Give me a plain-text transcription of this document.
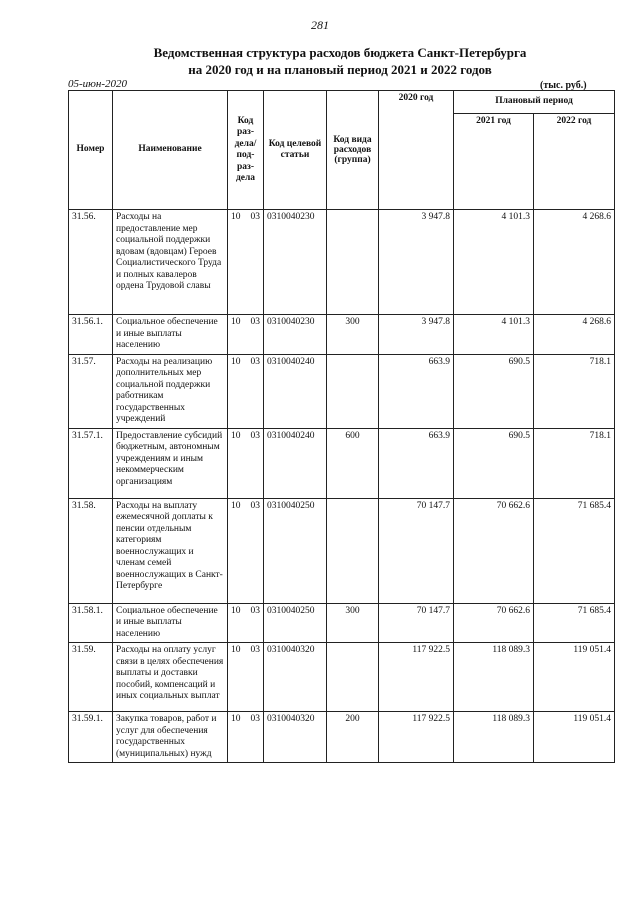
281
Ведомственная структура расходов бюджета Санкт-Петербурга
на 2020 год и на плановый период 2021 и 2022 годов
05-июн-2020	(тыс. руб.)
Номер	Наименование	Код раз-дела/ под-раз-дела	Код целевой статьи	Код вида расходов (группа)	2020 год	Плановый период	
						2021 год	2022 год
31.56.	Расходы на предоставление мер социальной поддержки вдовам (вдовцам) Героев Социалистического Труда и полных кавалеров ордена Трудовой славы	10 03	0310040230		3 947.8	4 101.3	4 268.6
31.56.1.	Социальное обеспечение и иные выплаты населению	10 03	0310040230	300	3 947.8	4 101.3	4 268.6
31.57.	Расходы на реализацию дополнительных мер социальной поддержки работникам государственных учреждений	10 03	0310040240		663.9	690.5	718.1
31.57.1.	Предоставление субсидий бюджетным, автономным учреждениям и иным некоммерческим организациям	10 03	0310040240	600	663.9	690.5	718.1
31.58.	Расходы на выплату ежемесячной доплаты к пенсии отдельным категориям военнослужащих и членам семей военнослужащих в Санкт-Петербурге	10 03	0310040250		70 147.7	70 662.6	71 685.4
31.58.1.	Социальное обеспечение и иные выплаты населению	10 03	0310040250	300	70 147.7	70 662.6	71 685.4
31.59.	Расходы на оплату услуг связи в целях обеспечения выплаты и доставки пособий, компенсаций и иных социальных выплат	10 03	0310040320		117 922.5	118 089.3	119 051.4
31.59.1.	Закупка товаров, работ и услуг для обеспечения государственных (муниципальных) нужд	10 03	0310040320	200	117 922.5	118 089.3	119 051.4
